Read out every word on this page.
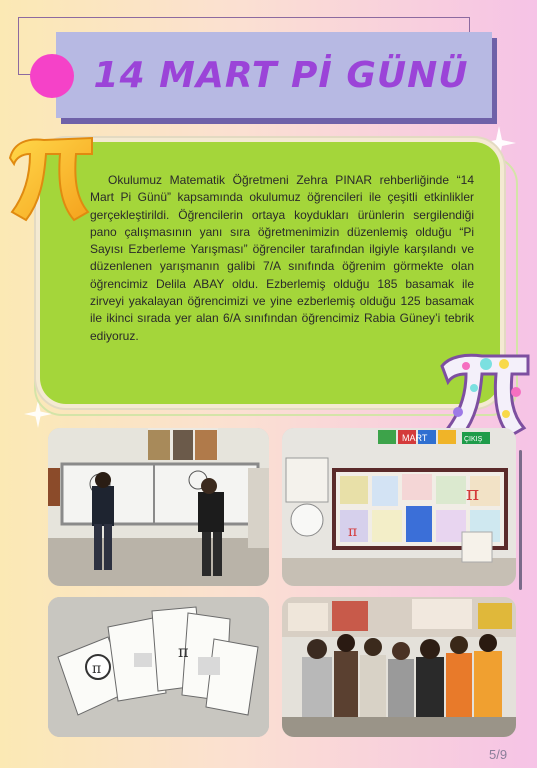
14 MART Pİ GÜNÜ
Okulumuz Matematik Öğretmeni Zehra PINAR rehberliğinde “14 Mart Pi Günü” kapsamında okulumuz öğrencileri ile çeşitli etkinlikler gerçekleştirildi. Öğrencilerin ortaya koydukları ürünlerin sergilendiği pano çalışmasının yanı sıra öğretmenimizin düzenlemiş olduğu “Pi Sayısı Ezberleme Yarışması” öğrenciler tarafından ilgiyle karşılandı ve düzenlenen yarışmanın galibi 7/A sınıfında öğrenim görmekte olan öğrencimiz Delila ABAY oldu. Ezberlemiş olduğu 185 basamak ile zirveyi yakalayan öğrencimizi ve yine ezberlemiş olduğu 125 basamak ile ikinci sırada yer alan 6/A sınıfından öğrencimiz Rabia Güney’i tebrik ediyoruz.
MART	ÇIKIŞ
π
π
π
π
5/9
